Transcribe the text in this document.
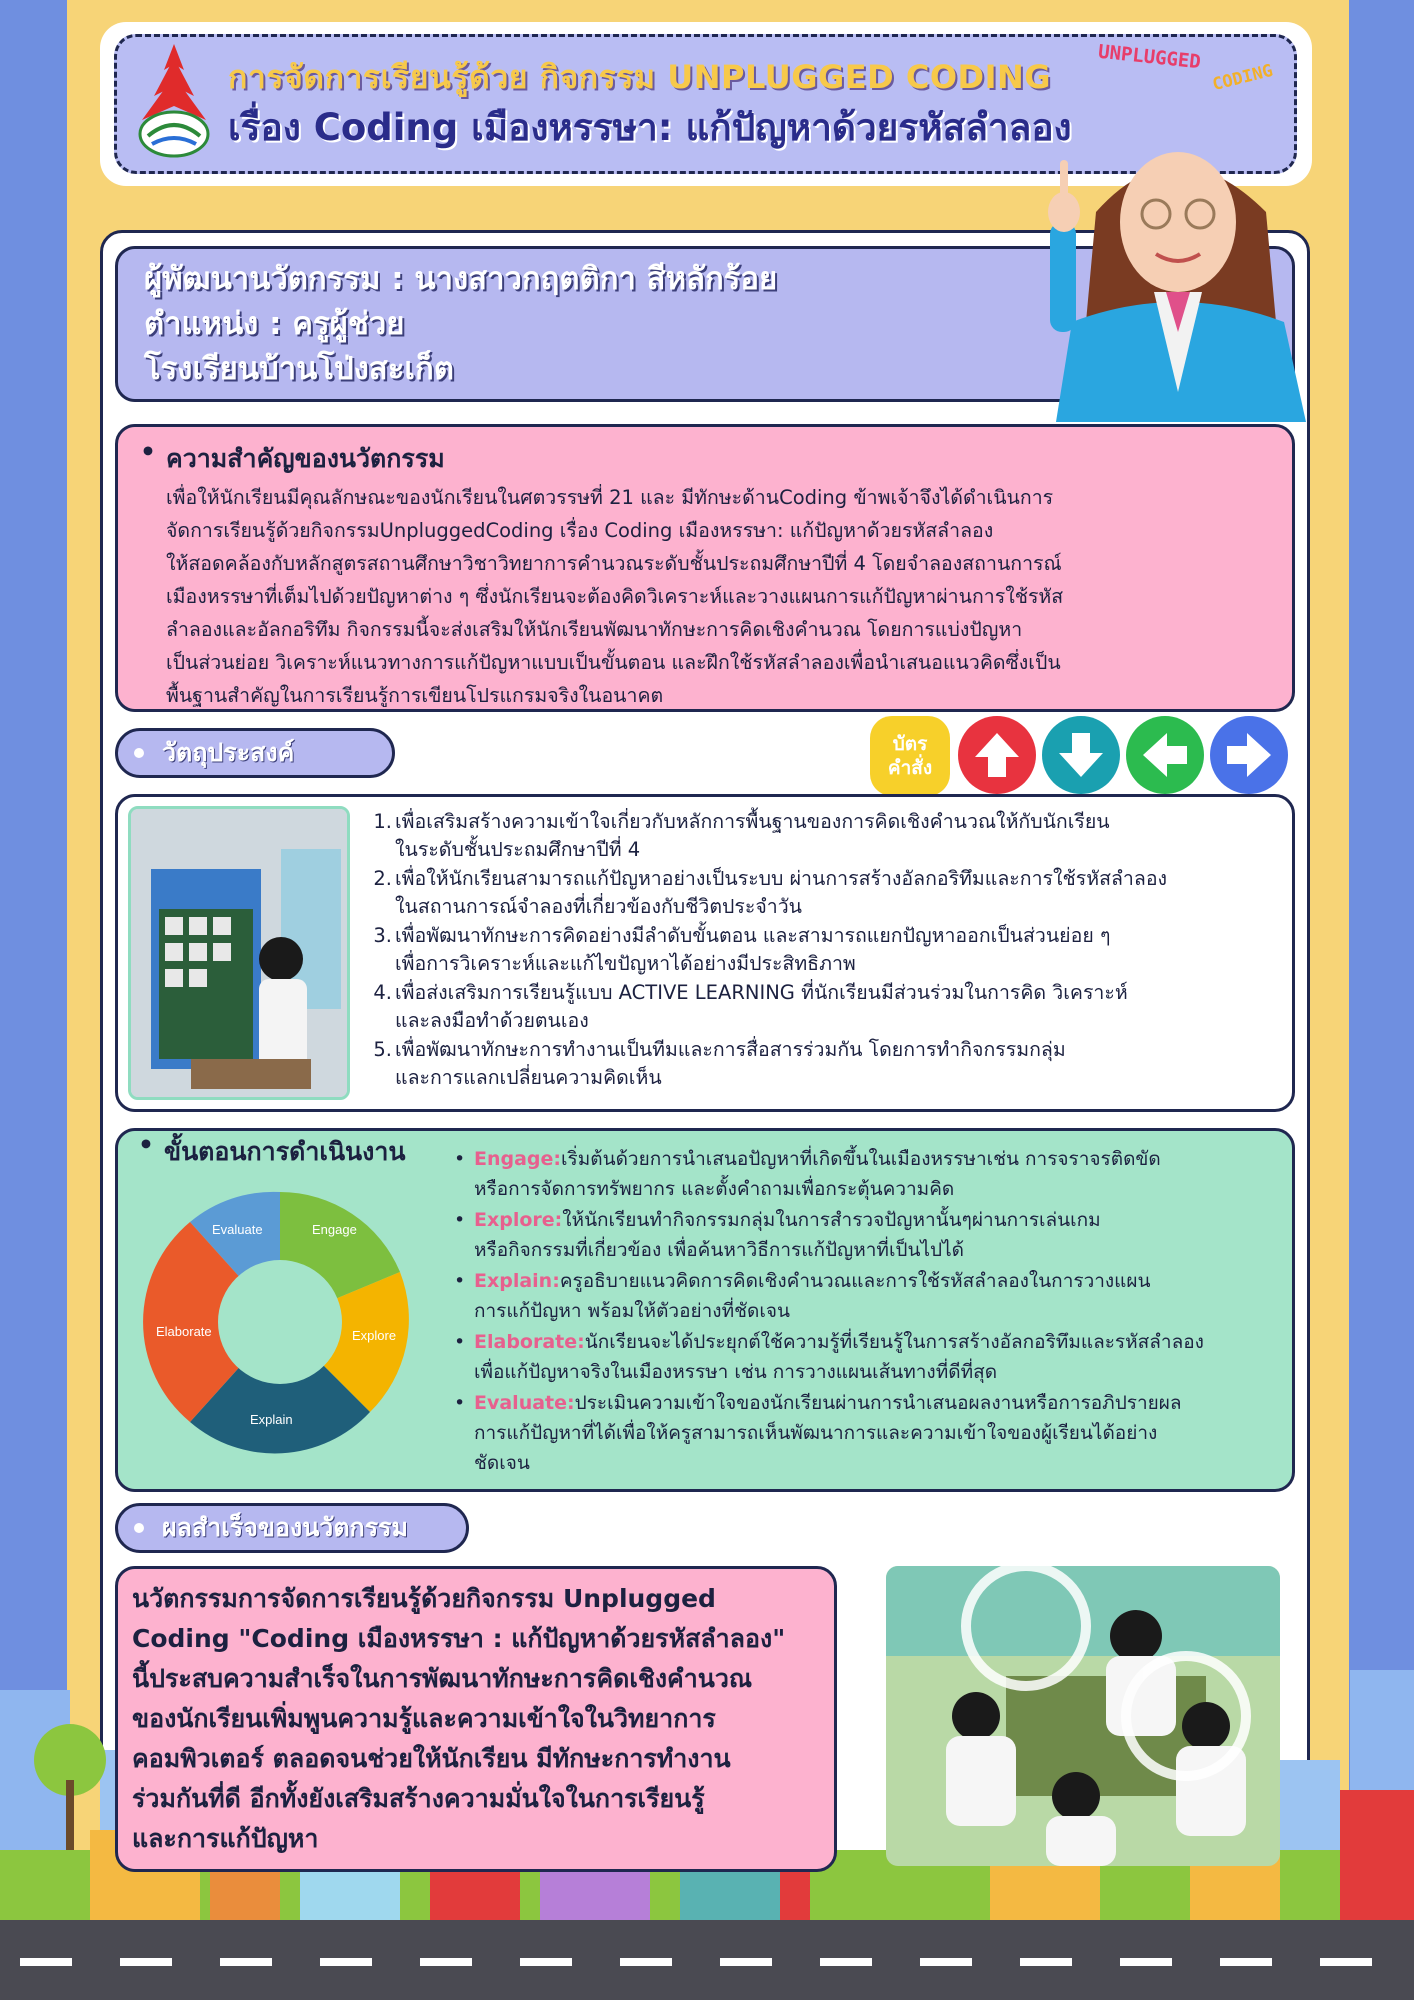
การจัดการเรียนรู้ด้วย กิจกรรม UNPLUGGED CODING
เรื่อง Coding เมืองหรรษา: แก้ปัญหาด้วยรหัสลำลอง
UNPLUGGED
CODING
ผู้พัฒนานวัตกรรม : นางสาวกฤตติกา สีหลักร้อย
ตำแหน่ง : ครูผู้ช่วย
โรงเรียนบ้านโป่งสะเก็ต
• ความสำคัญของนวัตกรรม

เพื่อให้นักเรียนมีคุณลักษณะของนักเรียนในศตวรรษที่ 21 และ มีทักษะด้านCoding ข้าพเจ้าจึงได้ดำเนินการ
จัดการเรียนรู้ด้วยกิจกรรมUnpluggedCoding เรื่อง Coding เมืองหรรษา: แก้ปัญหาด้วยรหัสลำลอง
ให้สอดคล้องกับหลักสูตรสถานศึกษาวิชาวิทยาการคำนวณระดับชั้นประถมศึกษาปีที่ 4 โดยจำลองสถานการณ์
เมืองหรรษาที่เต็มไปด้วยปัญหาต่าง ๆ ซึ่งนักเรียนจะต้องคิดวิเคราะห์และวางแผนการแก้ปัญหาผ่านการใช้รหัส
ลำลองและอัลกอริทึม กิจกรรมนี้จะส่งเสริมให้นักเรียนพัฒนาทักษะการคิดเชิงคำนวณ โดยการแบ่งปัญหา
เป็นส่วนย่อย วิเคราะห์แนวทางการแก้ปัญหาแบบเป็นขั้นตอน และฝึกใช้รหัสลำลองเพื่อนำเสนอแนวคิดซึ่งเป็น
พื้นฐานสำคัญในการเรียนรู้การเขียนโปรแกรมจริงในอนาคต

วัตถุประสงค์	บัตร
คำสั่ง
1. เพื่อเสริมสร้างความเข้าใจเกี่ยวกับหลักการพื้นฐานของการคิดเชิงคำนวณให้กับนักเรียน
ในระดับชั้นประถมศึกษาปีที่ 4
2. เพื่อให้นักเรียนสามารถแก้ปัญหาอย่างเป็นระบบ ผ่านการสร้างอัลกอริทึมและการใช้รหัสลำลอง
ในสถานการณ์จำลองที่เกี่ยวข้องกับชีวิตประจำวัน
3. เพื่อพัฒนาทักษะการคิดอย่างมีลำดับขั้นตอน และสามารถแยกปัญหาออกเป็นส่วนย่อย ๆ
เพื่อการวิเคราะห์และแก้ไขปัญหาได้อย่างมีประสิทธิภาพ
4. เพื่อส่งเสริมการเรียนรู้แบบ ACTIVE LEARNING ที่นักเรียนมีส่วนร่วมในการคิด วิเคราะห์
และลงมือทำด้วยตนเอง
5. เพื่อพัฒนาทักษะการทำงานเป็นทีมและการสื่อสารร่วมกัน โดยการทำกิจกรรมกลุ่ม
และการแลกเปลี่ยนความคิดเห็น
• ขั้นตอนการดำเนินงาน
Evaluate	Engage
Explore
Explain
Elaborate
• Engage:เริ่มต้นด้วยการนำเสนอปัญหาที่เกิดขึ้นในเมืองหรรษาเช่น การจราจรติดขัด
หรือการจัดการทรัพยากร และตั้งคำถามเพื่อกระตุ้นความคิด
• Explore:ให้นักเรียนทำกิจกรรมกลุ่มในการสำรวจปัญหานั้นๆผ่านการเล่นเกม
หรือกิจกรรมที่เกี่ยวข้อง เพื่อค้นหาวิธีการแก้ปัญหาที่เป็นไปได้
• Explain:ครูอธิบายแนวคิดการคิดเชิงคำนวณและการใช้รหัสลำลองในการวางแผน
การแก้ปัญหา พร้อมให้ตัวอย่างที่ชัดเจน
• Elaborate:นักเรียนจะได้ประยุกต์ใช้ความรู้ที่เรียนรู้ในการสร้างอัลกอริทึมและรหัสลำลอง
เพื่อแก้ปัญหาจริงในเมืองหรรษา เช่น การวางแผนเส้นทางที่ดีที่สุด
• Evaluate:ประเมินความเข้าใจของนักเรียนผ่านการนำเสนอผลงานหรือการอภิปรายผล
การแก้ปัญหาที่ได้เพื่อให้ครูสามารถเห็นพัฒนาการและความเข้าใจของผู้เรียนได้อย่าง
ชัดเจน
ผลสำเร็จของนวัตกรรม

นวัตกรรมการจัดการเรียนรู้ด้วยกิจกรรม Unplugged
Coding "Coding เมืองหรรษา : แก้ปัญหาด้วยรหัสลำลอง"
นี้ประสบความสำเร็จในการพัฒนาทักษะการคิดเชิงคำนวณ
ของนักเรียนเพิ่มพูนความรู้และความเข้าใจในวิทยาการ
คอมพิวเตอร์ ตลอดจนช่วยให้นักเรียน มีทักษะการทำงาน
ร่วมกันที่ดี อีกทั้งยังเสริมสร้างความมั่นใจในการเรียนรู้
และการแก้ปัญหา
